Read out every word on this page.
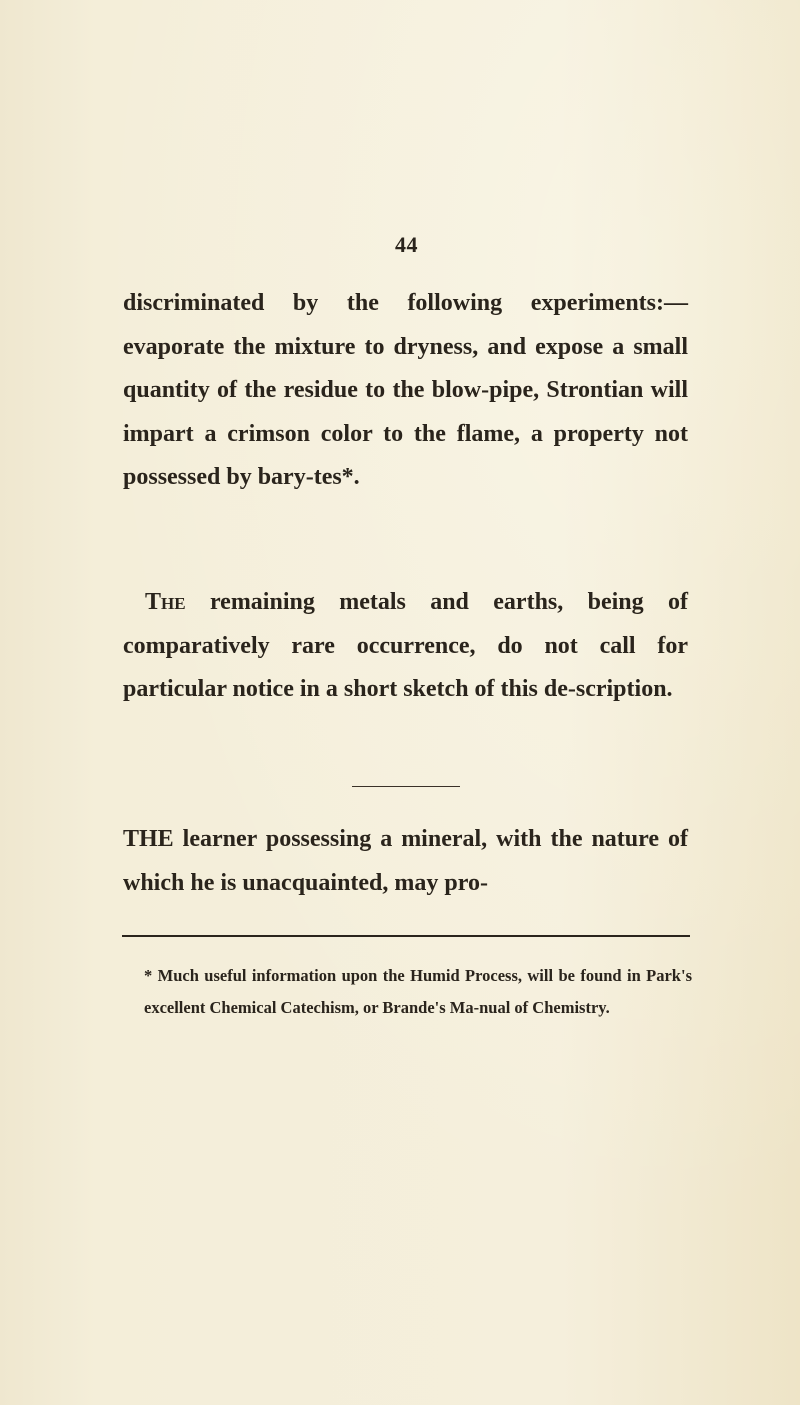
44

discriminated by the following experiments:— evaporate the mixture to dryness, and expose a small quantity of the residue to the blow-pipe, Strontian will impart a crimson color to the flame, a property not possessed by bary-tes*.

The remaining metals and earths, being of comparatively rare occurrence, do not call for particular notice in a short sketch of this de-scription.

THE learner possessing a mineral, with the nature of which he is unacquainted, may pro-

* Much useful information upon the Humid Process, will be found in Park's excellent Chemical Catechism, or Brande's Ma-nual of Chemistry.
